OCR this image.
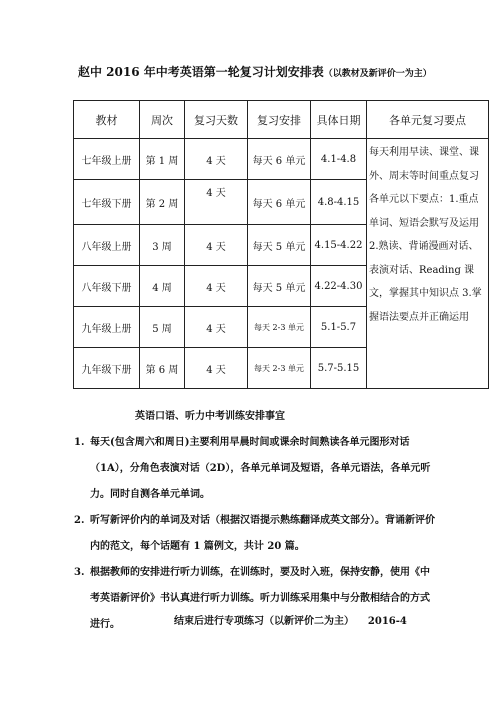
赵中 2016 年中考英语第一轮复习计划安排表（以教材及新评价一为主）
教材	周次	复习天数	复习安排	具体日期	各单元复习要点
七年级上册	第 1 周	4 天	每天 6 单元	4.1-4.8	每天利用早读、课堂、课外、周末等时间重点复习各单元以下要点：1.重点单词、短语会默写及运用 2.熟读、背诵漫画对话、表演对话、Reading 课文，掌握其中知识点 3.掌握语法要点并正确运用
七年级下册	第 2 周	4 天	每天 6 单元	4.8-4.15	
八年级上册	3 周	4 天	每天 5 单元	4.15-4.22	
八年级下册	4 周	4 天	每天 5 单元	4.22-4.30	
九年级上册	5 周	4 天	每天 2-3 单元	5.1-5.7	
九年级下册	第 6 周	4 天	每天 2-3 单元	5.7-5.15	
英语口语、听力中考训练安排事宜
1. 每天(包含周六和周日)主要利用早晨时间或课余时间熟读各单元图形对话（1A），分角色表演对话（2D），各单元单词及短语，各单元语法，各单元听力。同时自测各单元单词。
2. 听写新评价内的单词及对话（根据汉语提示熟练翻译成英文部分）。背诵新评价内的范文，每个话题有 1 篇例文，共计 20 篇。
3. 根据教师的安排进行听力训练，在训练时，要及时入班，保持安静，使用《中考英语新评价》书认真进行听力训练。听力训练采用集中与分散相结合的方式进行。	结束后进行专项练习（以新评价二为主）    2016-4
